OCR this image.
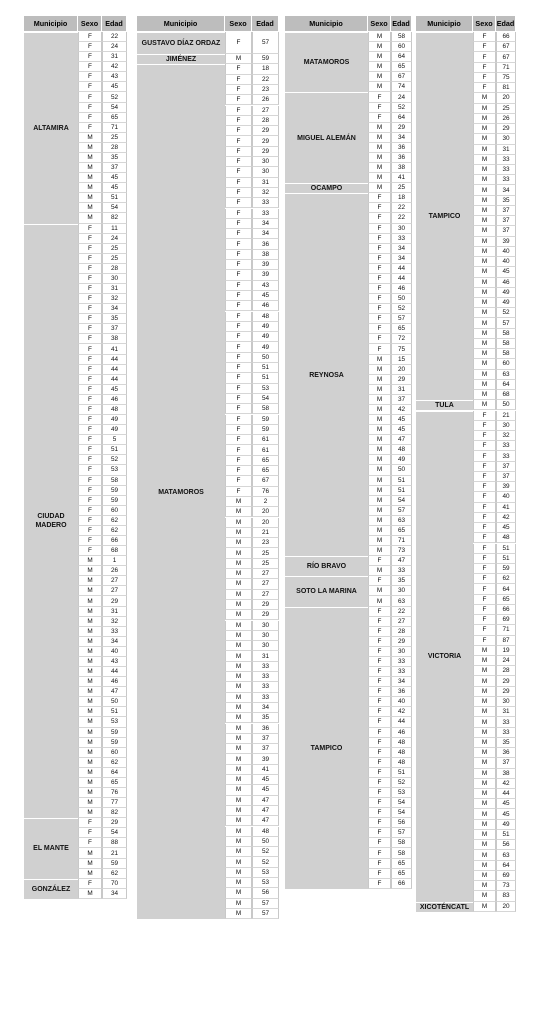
Municipio	Sexo Edad
ALTAMIRA
F	22
F	24
F	31
F	42
F	43
F	45
F	52
F	54
F	65
F	71
M	25
M	28
M	35
M	37
M	45
M	45
M	51
M	54
M	82
CIUDAD MADERO
F	11
F	24
F	25
F	25
F	28
F	30
F	31
F	32
F	34
F	35
F	37
F	38
F	41
F	44
F	44
F	44
F	45
F	46
F	48
F	49
F	49
F	5
F	51
F	52
F	53
F	58
F	59
F	59
F	60
F	62
F	62
F	66
F	68
M	1
M	26
M	27
M	27
M	29
M	31
M	32
M	33
M	34
M	40
M	43
M	44
M	46
M	47
M	50
M	51
M	53
M	59
M	59
M	60
M	62
M	64
M	65
M	76
M	77
M	82
EL MANTE
F	29
F	54
F	88
M	21
M	59
M	62
GONZÁLEZ
F	70
M	34
Municipio	Sexo	Edad
GUSTAVO DÍAZ ORDAZ	F	57
JIMÉNEZ	M	59
MATAMOROS
F	18
F	22
F	23
F	26
F	27
F	28
F	29
F	29
F	29
F	30
F	30
F	31
F	32
F	33
F	33
F	34
F	34
F	36
F	38
F	39
F	39
F	43
F	45
F	46
F	48
F	49
F	49
F	49
F	50
F	51
F	51
F	53
F	54
F	58
F	59
F	59
F	61
F	61
F	65
F	65
F	67
F	76
M	2
M	20
M	20
M	21
M	23
M	25
M	25
M	27
M	27
M	27
M	29
M	29
M	30
M	30
M	30
M	31
M	33
M	33
M	33
M	33
M	34
M	35
M	36
M	37
M	37
M	39
M	41
M	45
M	45
M	47
M	47
M	47
M	48
M	50
M	52
M	52
M	53
M	53
M	56
M	57
M	57
Municipio	Sexo Edad
MATAMOROS
M	58
M	60
M	64
M	65
M	67
M	74
MIGUEL ALEMÁN
F	24
F	52
F	64
M	29
M	34
M	36
M	36
M	38
M	41
OCAMPO	M	25
REYNOSA
F	18
F	22
F	22
F	30
F	33
F	34
F	34
F	44
F	44
F	46
F	50
F	52
F	57
F	65
F	72
F	75
M	15
M	20
M	29
M	31
M	37
M	42
M	45
M	45
M	47
M	48
M	49
M	50
M	51
M	51
M	54
M	57
M	63
M	65
M	71
M	73
RÍO BRAVO
F	47
M	33
SOTO LA MARINA
F	35
M	30
M	63
TAMPICO
F	22
F	27
F	28
F	29
F	30
F	33
F	33
F	34
F	36
F	40
F	42
F	44
F	46
F	48
F	48
F	48
F	51
F	52
F	53
F	54
F	54
F	56
F	57
F	58
F	58
F	65
F	65
F	66
Municipio	Sexo Edad
TAMPICO
F	66
F	67
F	67
F	71
F	75
F	81
M	20
M	25
M	26
M	29
M	30
M	31
M	33
M	33
M	33
M	34
M	35
M	37
M	37
M	37
M	39
M	40
M	40
M	45
M	46
M	49
M	49
M	52
M	57
M	58
M	58
M	58
M	60
M	63
M	64
M	68
TULA	M	50
VICTORIA
F	21
F	30
F	32
F	33
F	33
F	37
F	37
F	39
F	40
F	41
F	42
F	45
F	48
F	51
F	51
F	59
F	62
F	64
F	65
F	66
F	69
F	71
F	87
M	19
M	24
M	28
M	29
M	29
M	30
M	31
M	33
M	33
M	35
M	36
M	37
M	38
M	42
M	44
M	45
M	45
M	49
M	51
M	56
M	63
M	64
M	69
M	73
M	83
XICOTÉNCATL	M	20
